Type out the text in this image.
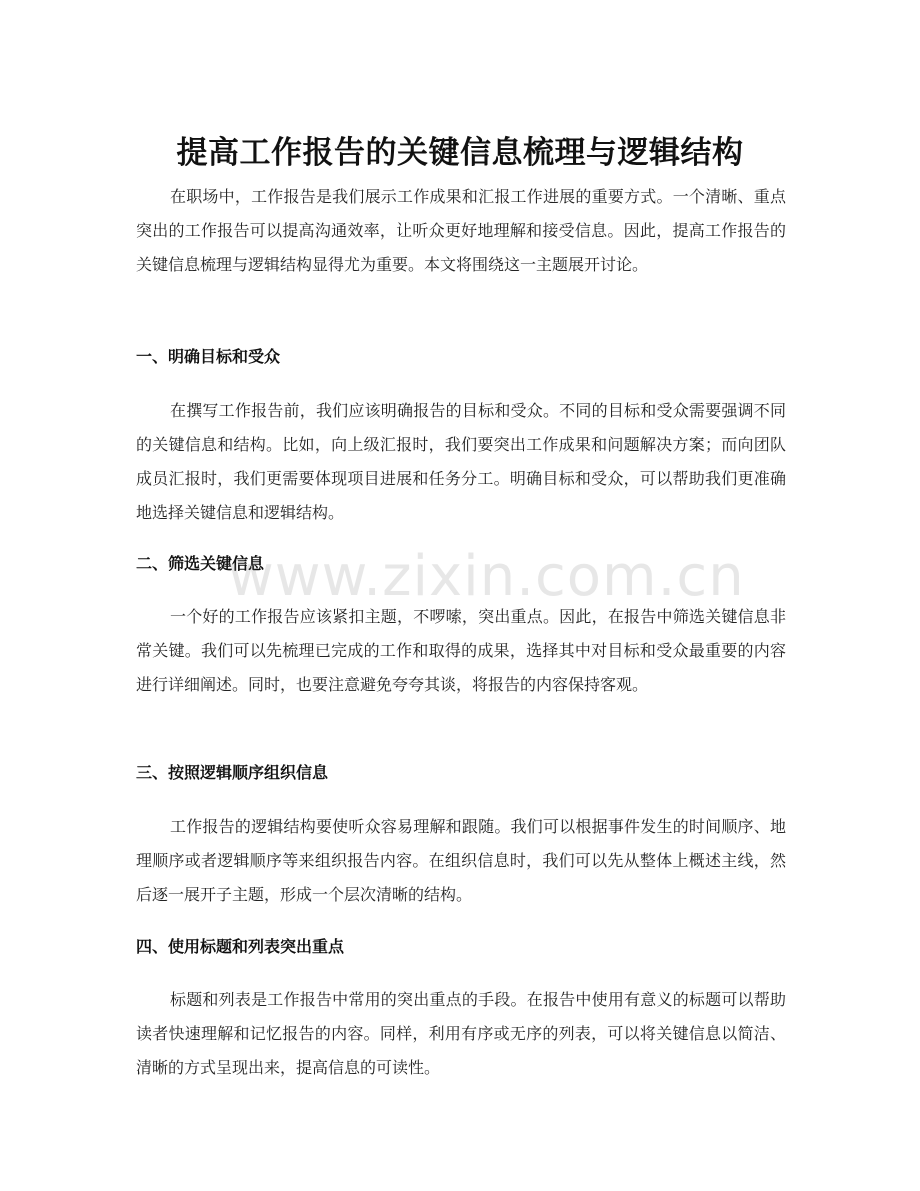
提高工作报告的关键信息梳理与逻辑结构

在职场中，工作报告是我们展示工作成果和汇报工作进展的重要方式。一个清晰、重点突出的工作报告可以提高沟通效率，让听众更好地理解和接受信息。因此，提高工作报告的关键信息梳理与逻辑结构显得尤为重要。本文将围绕这一主题展开讨论。

一、明确目标和受众

在撰写工作报告前，我们应该明确报告的目标和受众。不同的目标和受众需要强调不同的关键信息和结构。比如，向上级汇报时，我们要突出工作成果和问题解决方案；而向团队成员汇报时，我们更需要体现项目进展和任务分工。明确目标和受众，可以帮助我们更准确地选择关键信息和逻辑结构。

二、筛选关键信息

一个好的工作报告应该紧扣主题，不啰嗦，突出重点。因此，在报告中筛选关键信息非常关键。我们可以先梳理已完成的工作和取得的成果，选择其中对目标和受众最重要的内容进行详细阐述。同时，也要注意避免夸夸其谈，将报告的内容保持客观。

三、按照逻辑顺序组织信息

工作报告的逻辑结构要使听众容易理解和跟随。我们可以根据事件发生的时间顺序、地理顺序或者逻辑顺序等来组织报告内容。在组织信息时，我们可以先从整体上概述主线，然后逐一展开子主题，形成一个层次清晰的结构。

四、使用标题和列表突出重点

标题和列表是工作报告中常用的突出重点的手段。在报告中使用有意义的标题可以帮助读者快速理解和记忆报告的内容。同样，利用有序或无序的列表，可以将关键信息以简洁、清晰的方式呈现出来，提高信息的可读性。

www.zixin.com.cn
